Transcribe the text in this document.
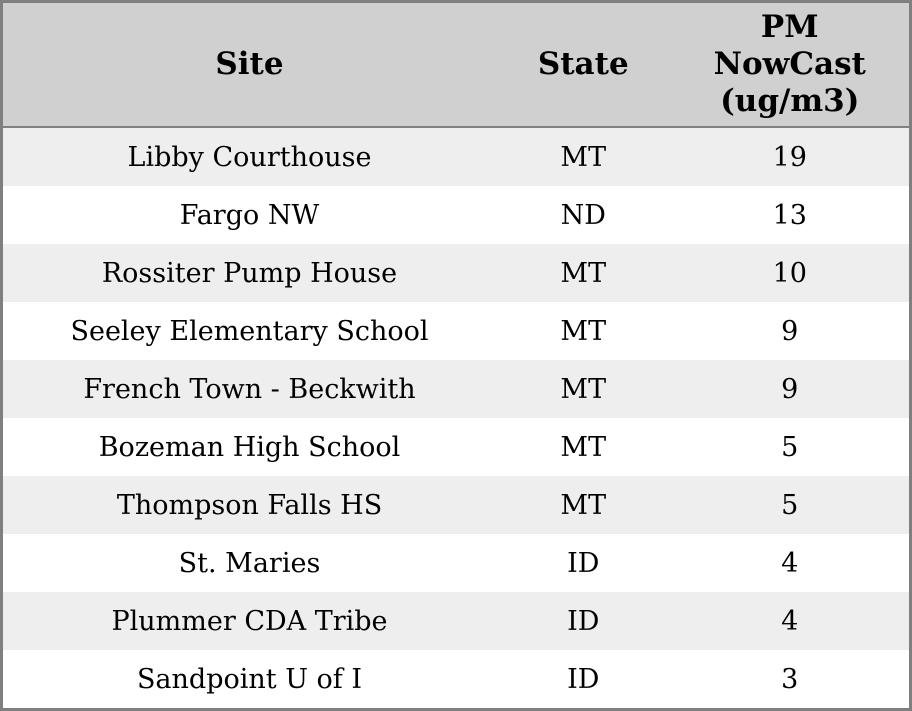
Site	State	PM NowCast (ug/m3)
Libby Courthouse	MT	19
Fargo NW	ND	13
Rossiter Pump House	MT	10
Seeley Elementary School	MT	9
French Town - Beckwith	MT	9
Bozeman High School	MT	5
Thompson Falls HS	MT	5
St. Maries	ID	4
Plummer CDA Tribe	ID	4
Sandpoint U of I	ID	3
